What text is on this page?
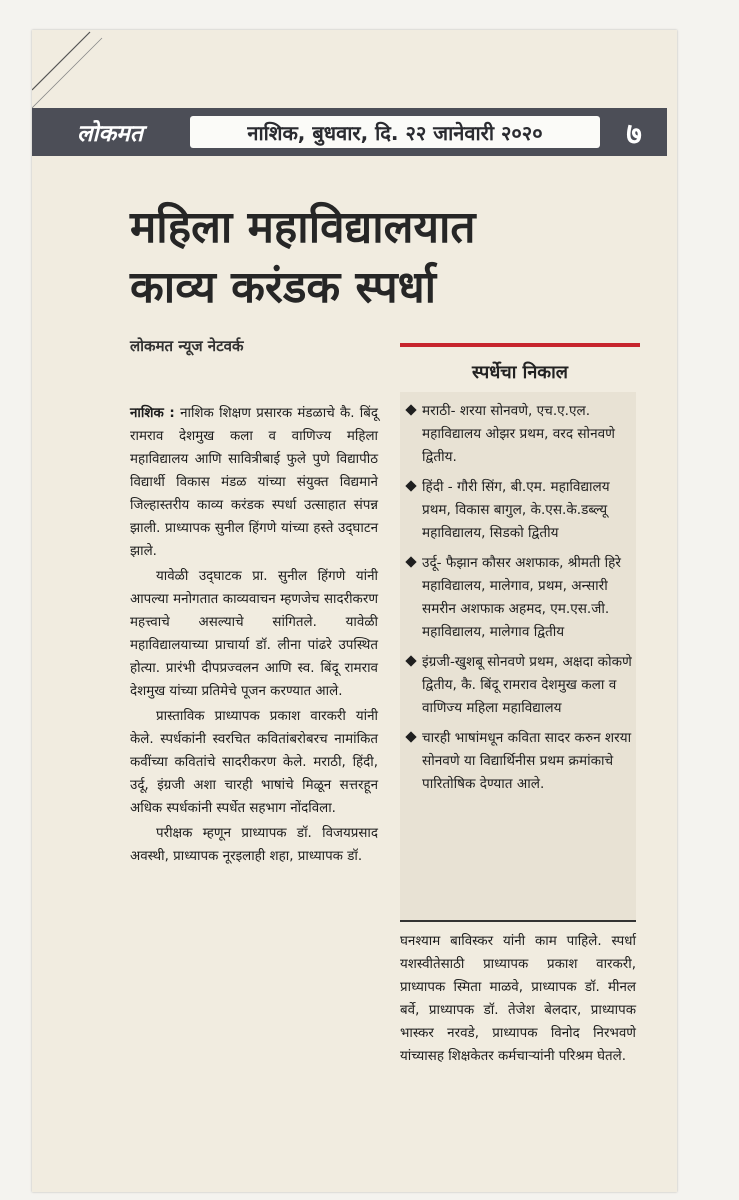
लोकमत	नाशिक, बुधवार, दि. २२ जानेवारी २०२०	७
महिला महाविद्यालयात
काव्य करंडक स्पर्धा
लोकमत न्यूज नेटवर्क
स्पर्धेचा निकाल
मराठी- शरया सोनवणे, एच.ए.एल. महाविद्यालय ओझर प्रथम, वरद सोनवणे द्वितीय.
हिंदी - गौरी सिंग, बी.एम. महाविद्यालय प्रथम, विकास बागुल, के.एस.के.डब्ल्यू महाविद्यालय, सिडको द्वितीय
उर्दू- फैझान कौसर अशफाक, श्रीमती हिरे महाविद्यालय, मालेगाव, प्रथम, अन्सारी समरीन अशफाक अहमद, एम.एस.जी. महाविद्यालय, मालेगाव द्वितीय
इंग्रजी-खुशबू सोनवणे प्रथम, अक्षदा कोकणे द्वितीय, कै. बिंदू रामराव देशमुख कला व वाणिज्य महिला महाविद्यालय
चारही भाषांमधून कविता सादर करुन शरया सोनवणे या विद्यार्थिनीस प्रथम क्रमांकाचे पारितोषिक देण्यात आले.

नाशिक : नाशिक शिक्षण प्रसारक मंडळाचे कै. बिंदू रामराव देशमुख कला व वाणिज्य महिला महाविद्यालय आणि सावित्रीबाई फुले पुणे विद्यापीठ विद्यार्थी विकास मंडळ यांच्या संयुक्त विद्यमाने जिल्हास्तरीय काव्य करंडक स्पर्धा उत्साहात संपन्न झाली. प्राध्यापक सुनील हिंगणे यांच्या हस्ते उद्‌घाटन झाले.

यावेळी उद्‌घाटक प्रा. सुनील हिंगणे यांनी आपल्या मनोगतात काव्यवाचन म्हणजेच सादरीकरण महत्त्वाचे असल्याचे सांगितले. यावेळी महाविद्यालयाच्या प्राचार्या डॉ. लीना पांढरे उपस्थित होत्या. प्रारंभी दीपप्रज्वलन आणि स्व. बिंदू रामराव देशमुख यांच्या प्रतिमेचे पूजन करण्यात आले.

प्रास्ताविक प्राध्यापक प्रकाश वारकरी यांनी केले. स्पर्धकांनी स्वरचित कवितांबरोबरच नामांकित कवींच्या कवितांचे सादरीकरण केले. मराठी, हिंदी, उर्दू, इंग्रजी अशा चारही भाषांचे मिळून सत्तरहून अधिक स्पर्धकांनी स्पर्धेत सहभाग नोंदविला.

परीक्षक म्हणून प्राध्यापक डॉ. विजयप्रसाद अवस्थी, प्राध्यापक नूरइलाही शहा, प्राध्यापक डॉ.

घनश्याम बाविस्कर यांनी काम पाहिले. स्पर्धा यशस्वीतेसाठी प्राध्यापक प्रकाश वारकरी, प्राध्यापक स्मिता माळवे, प्राध्यापक डॉ. मीनल बर्वे, प्राध्यापक डॉ. तेजेश बेलदार, प्राध्यापक भास्कर नरवडे, प्राध्यापक विनोद निरभवणे यांच्यासह शिक्षकेतर कर्मचाऱ्यांनी परिश्रम घेतले.
